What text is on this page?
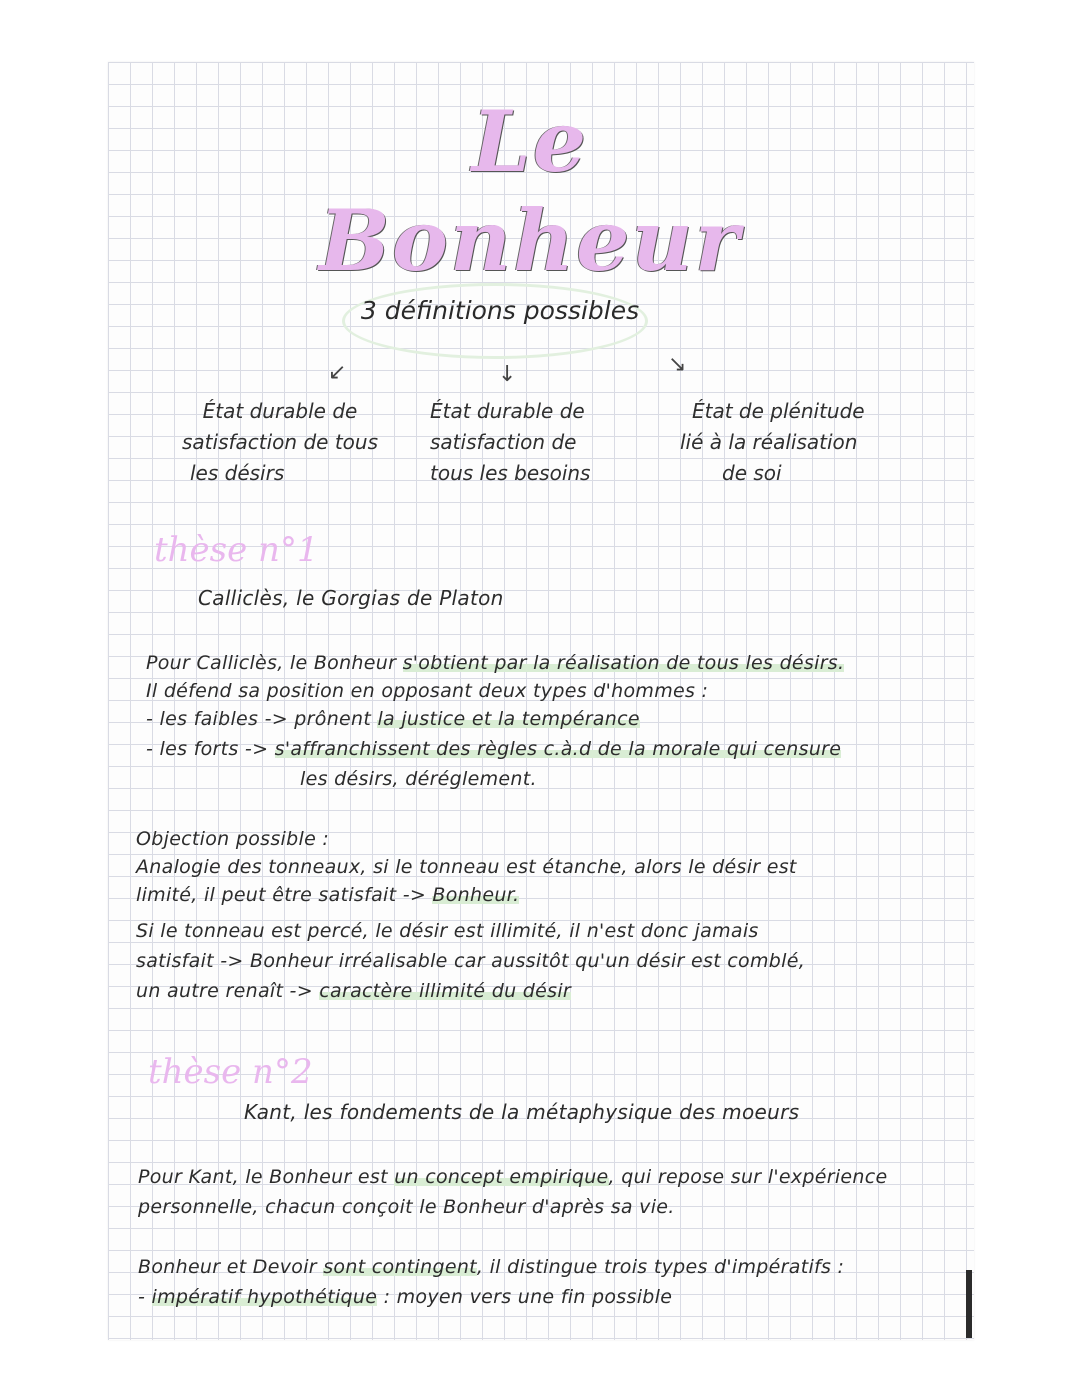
Le Bonheur
3 définitions possibles
↙	↓	↘
État durable de
satisfaction de tous
les désirs
État durable de
satisfaction de
tous les besoins
État de plénitude
lié à la réalisation
de soi
thèse n°1
Calliclès, le Gorgias de Platon
Pour Calliclès, le Bonheur s'obtient par la réalisation de tous les désirs.
Il défend sa position en opposant deux types d'hommes :
- les faibles -> prônent la justice et la tempérance
- les forts -> s'affranchissent des règles c.à.d de la morale qui censure
les désirs, déréglement.
Objection possible :
Analogie des tonneaux, si le tonneau est étanche, alors le désir est
limité, il peut être satisfait -> Bonheur.
Si le tonneau est percé, le désir est illimité, il n'est donc jamais
satisfait -> Bonheur irréalisable car aussitôt qu'un désir est comblé,
un autre renaît -> caractère illimité du désir
thèse n°2
Kant, les fondements de la métaphysique des moeurs
Pour Kant, le Bonheur est un concept empirique, qui repose sur l'expérience
personnelle, chacun conçoit le Bonheur d'après sa vie.
Bonheur et Devoir sont contingent, il distingue trois types d'impératifs :
- impératif hypothétique : moyen vers une fin possible
